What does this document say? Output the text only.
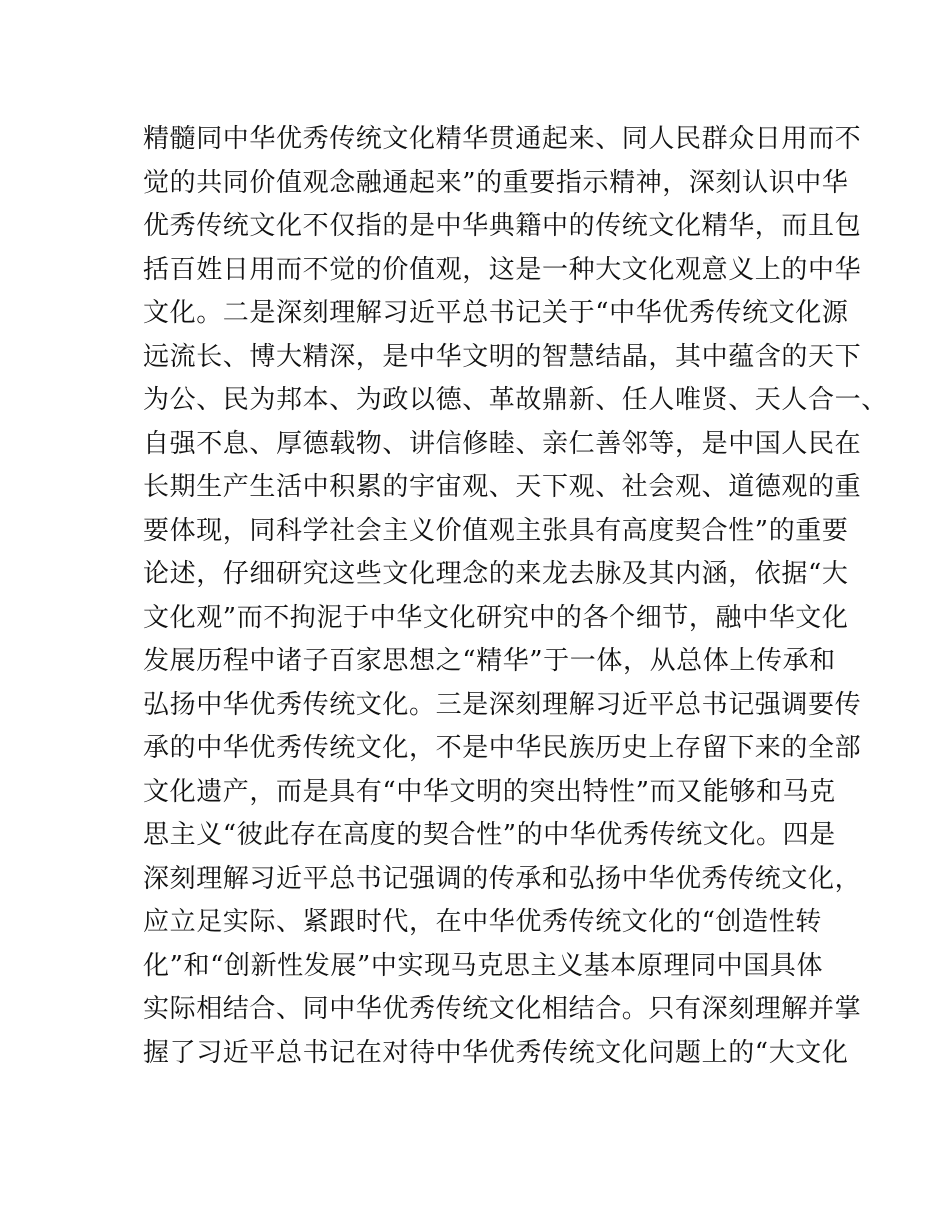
精髓同中华优秀传统文化精华贯通起来、同人民群众日用而不
觉的共同价值观念融通起来”的重要指示精神，深刻认识中华
优秀传统文化不仅指的是中华典籍中的传统文化精华，而且包
括百姓日用而不觉的价值观，这是一种大文化观意义上的中华
文化。二是深刻理解习近平总书记关于“中华优秀传统文化源
远流长、博大精深，是中华文明的智慧结晶，其中蕴含的天下
为公、民为邦本、为政以德、革故鼎新、任人唯贤、天人合一、
自强不息、厚德载物、讲信修睦、亲仁善邻等，是中国人民在
长期生产生活中积累的宇宙观、天下观、社会观、道德观的重
要体现，同科学社会主义价值观主张具有高度契合性”的重要
论述，仔细研究这些文化理念的来龙去脉及其内涵，依据“大
文化观”而不拘泥于中华文化研究中的各个细节，融中华文化
发展历程中诸子百家思想之“精华”于一体，从总体上传承和
弘扬中华优秀传统文化。三是深刻理解习近平总书记强调要传
承的中华优秀传统文化，不是中华民族历史上存留下来的全部
文化遗产，而是具有“中华文明的突出特性”而又能够和马克
思主义“彼此存在高度的契合性”的中华优秀传统文化。四是
深刻理解习近平总书记强调的传承和弘扬中华优秀传统文化，
应立足实际、紧跟时代，在中华优秀传统文化的“创造性转
化”和“创新性发展”中实现马克思主义基本原理同中国具体
实际相结合、同中华优秀传统文化相结合。只有深刻理解并掌
握了习近平总书记在对待中华优秀传统文化问题上的“大文化
